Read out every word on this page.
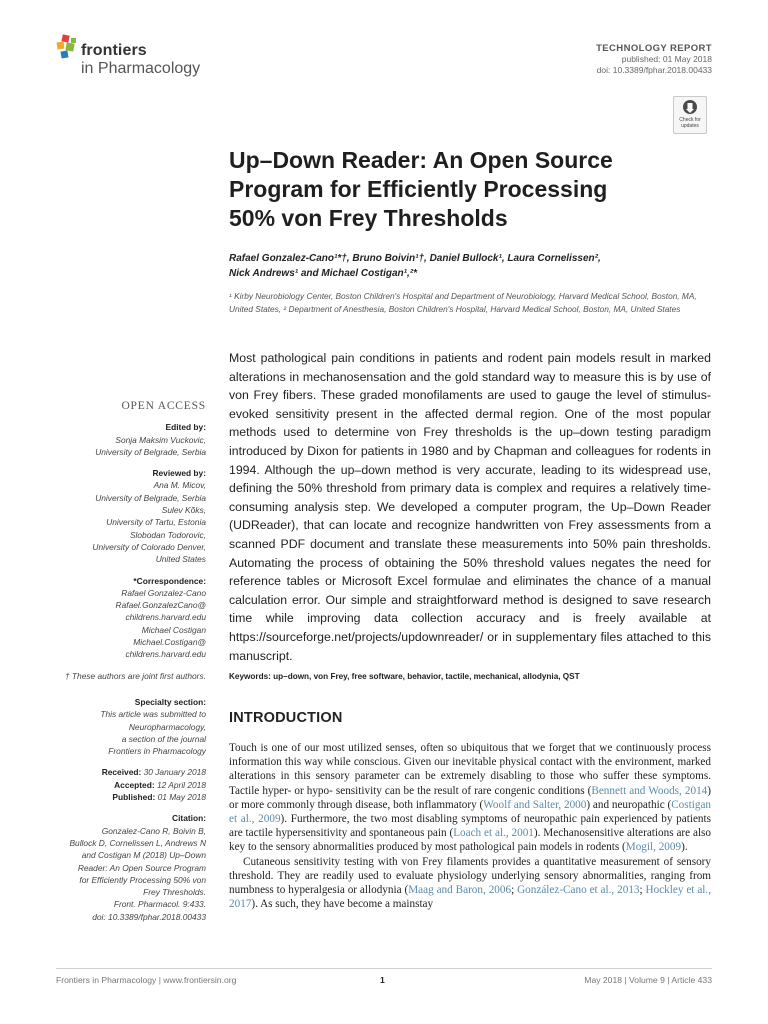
frontiers
in Pharmacology
TECHNOLOGY REPORT
published: 01 May 2018
doi: 10.3389/fphar.2018.00433
Check for updates
Up–Down Reader: An Open Source
Program for Efficiently Processing
50% von Frey Thresholds
Rafael Gonzalez-Cano¹*†, Bruno Boivin¹†, Daniel Bullock¹, Laura Cornelissen²,
Nick Andrews¹ and Michael Costigan¹,²*
¹ Kirby Neurobiology Center, Boston Children's Hospital and Department of Neurobiology, Harvard Medical School, Boston, MA, United States, ² Department of Anesthesia, Boston Children's Hospital, Harvard Medical School, Boston, MA, United States
OPEN ACCESS
Edited by:
Sonja Maksim Vuckovic,
University of Belgrade, Serbia
Reviewed by:
Ana M. Micov,
University of Belgrade, Serbia
Sulev Kõks,
University of Tartu, Estonia
Slobodan Todorovic,
University of Colorado Denver,
United States
*Correspondence:
Rafael Gonzalez-Cano
Rafael.GonzalezCano@
childrens.harvard.edu
Michael Costigan
Michael.Costigan@
childrens.harvard.edu
† These authors are joint first authors.
Specialty section:
This article was submitted to
Neuropharmacology,
a section of the journal
Frontiers in Pharmacology
Received: 30 January 2018
Accepted: 12 April 2018
Published: 01 May 2018
Citation:
Gonzalez-Cano R, Boivin B,
Bullock D, Cornelissen L, Andrews N
and Costigan M (2018) Up–Down
Reader: An Open Source Program
for Efficiently Processing 50% von
Frey Thresholds.
Front. Pharmacol. 9:433.
doi: 10.3389/fphar.2018.00433
Most pathological pain conditions in patients and rodent pain models result in marked alterations in mechanosensation and the gold standard way to measure this is by use of von Frey fibers. These graded monofilaments are used to gauge the level of stimulus-evoked sensitivity present in the affected dermal region. One of the most popular methods used to determine von Frey thresholds is the up–down testing paradigm introduced by Dixon for patients in 1980 and by Chapman and colleagues for rodents in 1994. Although the up–down method is very accurate, leading to its widespread use, defining the 50% threshold from primary data is complex and requires a relatively time-consuming analysis step. We developed a computer program, the Up–Down Reader (UDReader), that can locate and recognize handwritten von Frey assessments from a scanned PDF document and translate these measurements into 50% pain thresholds. Automating the process of obtaining the 50% threshold values negates the need for reference tables or Microsoft Excel formulae and eliminates the chance of a manual calculation error. Our simple and straightforward method is designed to save research time while improving data collection accuracy and is freely available at https://sourceforge.net/projects/updownreader/ or in supplementary files attached to this manuscript.
Keywords: up–down, von Frey, free software, behavior, tactile, mechanical, allodynia, QST
INTRODUCTION

Touch is one of our most utilized senses, often so ubiquitous that we forget that we continuously process information this way while conscious. Given our inevitable physical contact with the environment, marked alterations in this sensory parameter can be extremely disabling to those who suffer these symptoms. Tactile hyper- or hypo- sensitivity can be the result of rare congenic conditions (Bennett and Woods, 2014) or more commonly through disease, both inflammatory (Woolf and Salter, 2000) and neuropathic (Costigan et al., 2009). Furthermore, the two most disabling symptoms of neuropathic pain experienced by patients are tactile hypersensitivity and spontaneous pain (Loach et al., 2001). Mechanosensitive alterations are also key to the sensory abnormalities produced by most pathological pain models in rodents (Mogil, 2009).

Cutaneous sensitivity testing with von Frey filaments provides a quantitative measurement of sensory threshold. They are readily used to evaluate physiology underlying sensory abnormalities, ranging from numbness to hyperalgesia or allodynia (Maag and Baron, 2006; González-Cano et al., 2013; Hockley et al., 2017). As such, they have become a mainstay

Frontiers in Pharmacology | www.frontiersin.org	1	May 2018 | Volume 9 | Article 433
